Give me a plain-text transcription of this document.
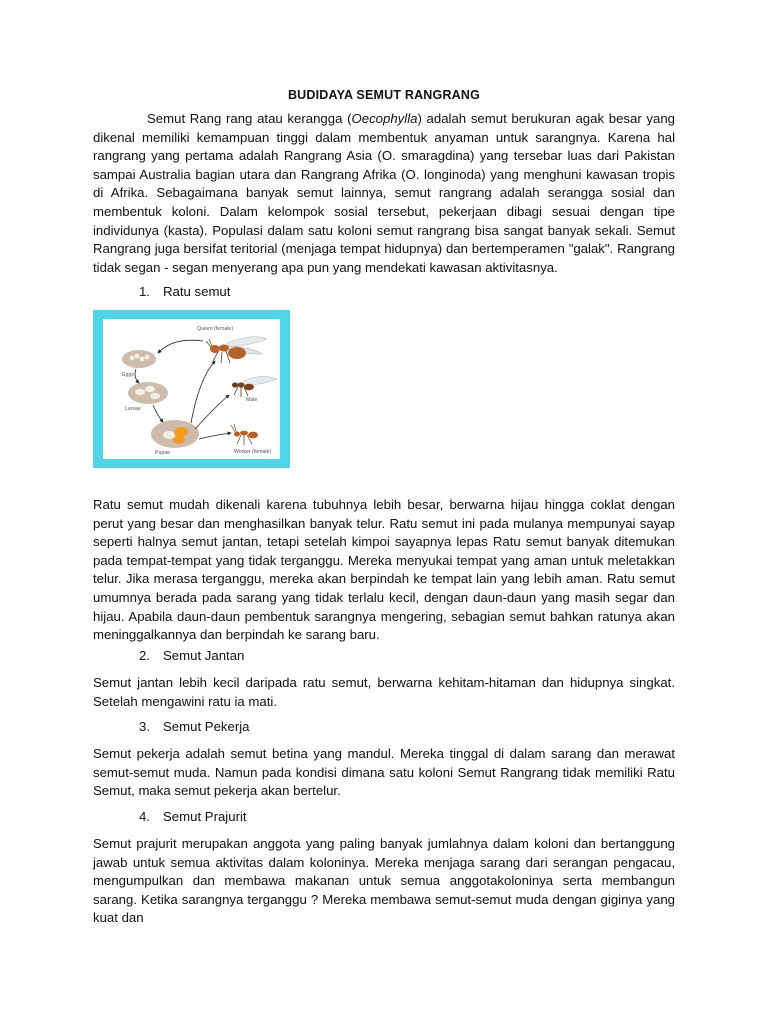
BUDIDAYA SEMUT RANGRANG

Semut Rang rang atau kerangga (Oecophylla) adalah semut berukuran agak besar yang dikenal memiliki kemampuan tinggi dalam membentuk anyaman untuk sarangnya. Karena hal rangrang yang pertama adalah Rangrang Asia (O. smaragdina) yang tersebar luas dari Pakistan sampai Australia bagian utara dan Rangrang Afrika (O. longinoda) yang menghuni kawasan tropis di Afrika. Sebagaimana banyak semut lainnya, semut rangrang adalah serangga sosial dan membentuk koloni. Dalam kelompok sosial tersebut, pekerjaan dibagi sesuai dengan tipe individunya (kasta). Populasi dalam satu koloni semut rangrang bisa sangat banyak sekali. Semut Rangrang juga bersifat teritorial (menjaga tempat hidupnya) dan bertemperamen "galak". Rangrang tidak segan - segan menyerang apa pun yang mendekati kawasan aktivitasnya.

1. Ratu semut
Queen (female)
Eggs
Larvae
Pupae
Male
Worker (female)

Ratu semut mudah dikenali karena tubuhnya lebih besar, berwarna hijau hingga coklat dengan perut yang besar dan menghasilkan banyak telur. Ratu semut ini pada mulanya mempunyai sayap seperti halnya semut jantan, tetapi setelah kimpoi sayapnya lepas Ratu semut banyak ditemukan pada tempat-tempat yang tidak terganggu. Mereka menyukai tempat yang aman untuk meletakkan telur. Jika merasa terganggu, mereka akan berpindah ke tempat lain yang lebih aman. Ratu semut umumnya berada pada sarang yang tidak terlalu kecil, dengan daun-daun yang masih segar dan hijau. Apabila daun-daun pembentuk sarangnya mengering, sebagian semut bahkan ratunya akan meninggalkannya dan berpindah ke sarang baru.

2. Semut Jantan

Semut jantan lebih kecil daripada ratu semut, berwarna kehitam-hitaman dan hidupnya singkat. Setelah mengawini ratu ia mati.

3. Semut Pekerja

Semut pekerja adalah semut betina yang mandul. Mereka tinggal di dalam sarang dan merawat semut-semut muda. Namun pada kondisi dimana satu koloni Semut Rangrang tidak memiliki Ratu Semut, maka semut pekerja akan bertelur.

4. Semut Prajurit

Semut prajurit merupakan anggota yang paling banyak jumlahnya dalam koloni dan bertanggung jawab untuk semua aktivitas dalam koloninya. Mereka menjaga sarang dari serangan pengacau, mengumpulkan dan membawa makanan untuk semua anggotakoloninya serta membangun sarang. Ketika sarangnya terganggu ? Mereka membawa semut-semut muda dengan giginya yang kuat dan
